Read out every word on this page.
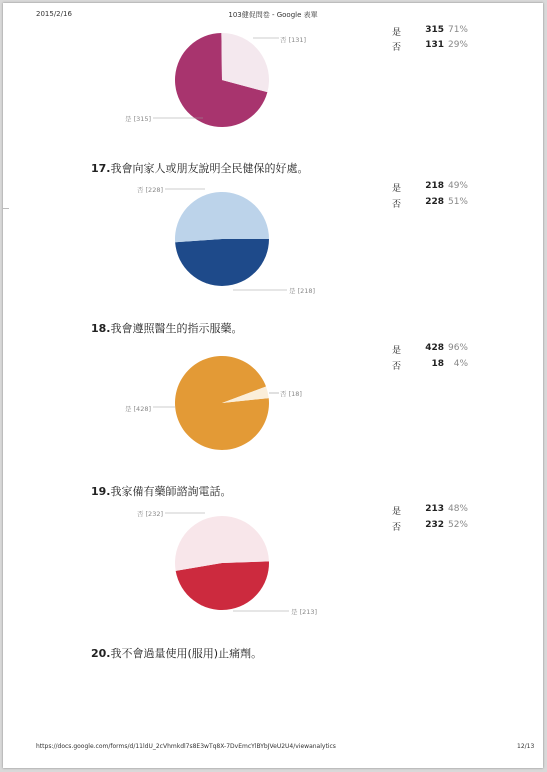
2015/2/16	103健促問卷 - Google 表單
否 [131]
是 [315]
是	315 71%
否	131 29%
17.我會向家人或朋友說明全民健保的好處。
否 [228]
是 [218]
是	218 49%
否	228 51%
18.我會遵照醫生的指示服藥。
否 [18]
是 [428]
是	428 96%
否	18	4%
19.我家備有藥師諮詢電話。
否 [232]
是 [213]
是	213 48%
否	232 52%
20.我不會過量使用(服用)止痛劑。
https://docs.google.com/forms/d/11ldU_2cVhmkdl7s8E3wTq8X-7DvEmcYlBYbJVeU2U4/viewanalytics	12/13
